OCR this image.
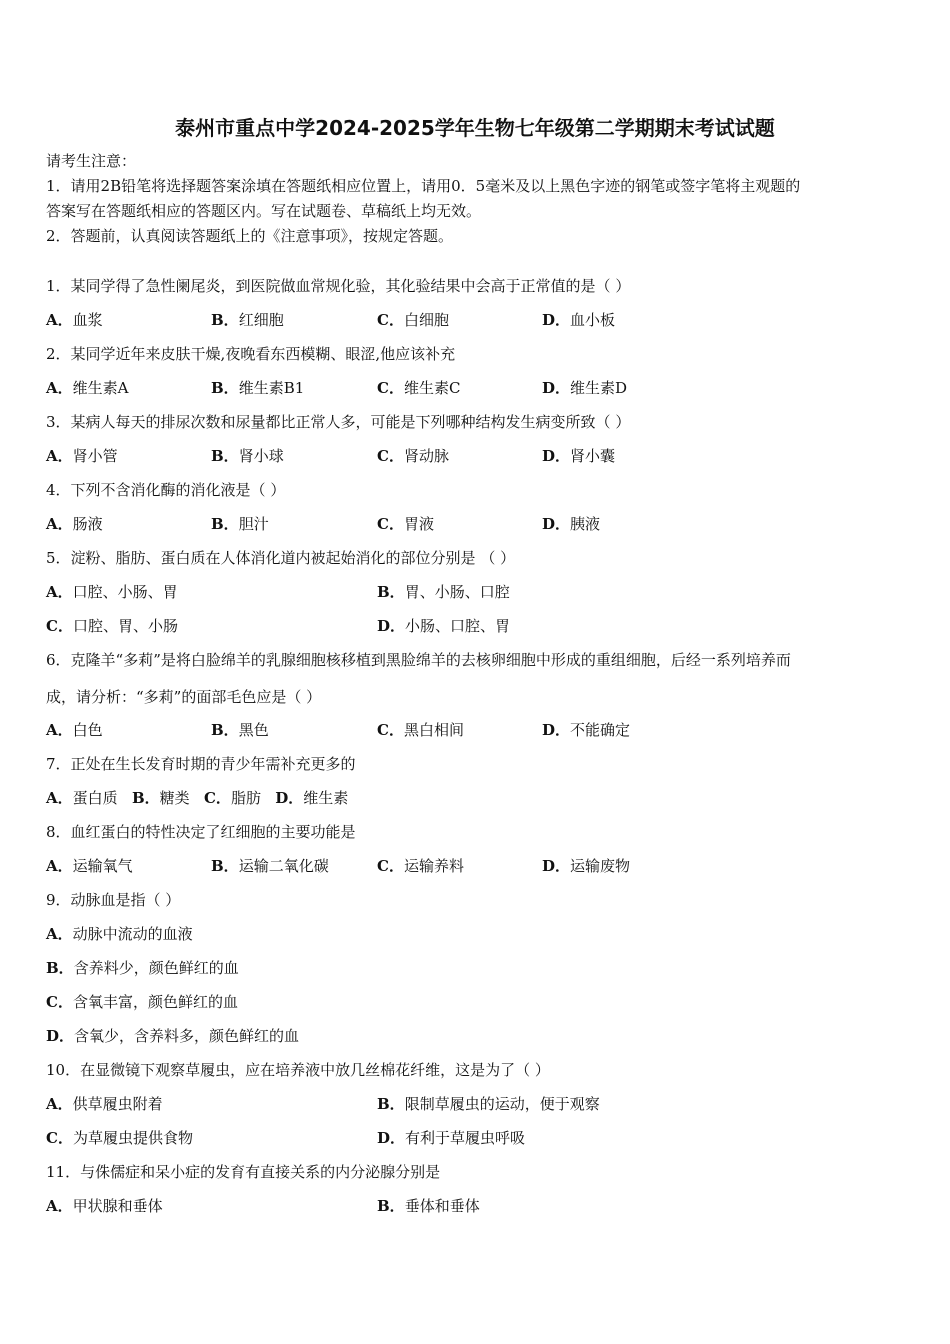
泰州市重点中学2024-2025学年生物七年级第二学期期末考试试题
请考生注意：
1．请用2B铅笔将选择题答案涂填在答题纸相应位置上，请用0．5毫米及以上黑色字迹的钢笔或签字笔将主观题的
答案写在答题纸相应的答题区内。写在试题卷、草稿纸上均无效。
2．答题前，认真阅读答题纸上的《注意事项》，按规定答题。
1．某同学得了急性阑尾炎，到医院做血常规化验，其化验结果中会高于正常值的是（ ）
A．血浆	B．红细胞	C．白细胞	D．血小板
2．某同学近年来皮肤干燥,夜晚看东西模糊、眼涩,他应该补充
A．维生素A	B．维生素B1	C．维生素C	D．维生素D
3．某病人每天的排尿次数和尿量都比正常人多，可能是下列哪种结构发生病变所致（ ）
A．肾小管	B．肾小球	C．肾动脉	D．肾小囊
4．下列不含消化酶的消化液是（ ）
A．肠液	B．胆汁	C．胃液	D．胰液
5．淀粉、脂肪、蛋白质在人体消化道内被起始消化的部位分别是 （ ）
A．口腔、小肠、胃	B．胃、小肠、口腔
C．口腔、胃、小肠	D．小肠、口腔、胃
6．克隆羊“多莉”是将白脸绵羊的乳腺细胞核移植到黑脸绵羊的去核卵细胞中形成的重组细胞，后经一系列培养而
成，请分析：“多莉”的面部毛色应是（ ）
A．白色	B．黑色	C．黑白相间	D．不能确定
7．正处在生长发育时期的青少年需补充更多的
A．蛋白质 B．糖类 C．脂肪 D．维生素
8．血红蛋白的特性决定了红细胞的主要功能是
A．运输氧气	B．运输二氧化碳	C．运输养料	D．运输废物
9．动脉血是指（ ）
A．动脉中流动的血液
B．含养料少，颜色鲜红的血
C．含氧丰富，颜色鲜红的血
D．含氧少，含养料多，颜色鲜红的血
10．在显微镜下观察草履虫，应在培养液中放几丝棉花纤维，这是为了（ ）
A．供草履虫附着	B．限制草履虫的运动，便于观察
C．为草履虫提供食物	D．有利于草履虫呼吸
11．与侏儒症和呆小症的发育有直接关系的内分泌腺分别是
A．甲状腺和垂体	B．垂体和垂体
